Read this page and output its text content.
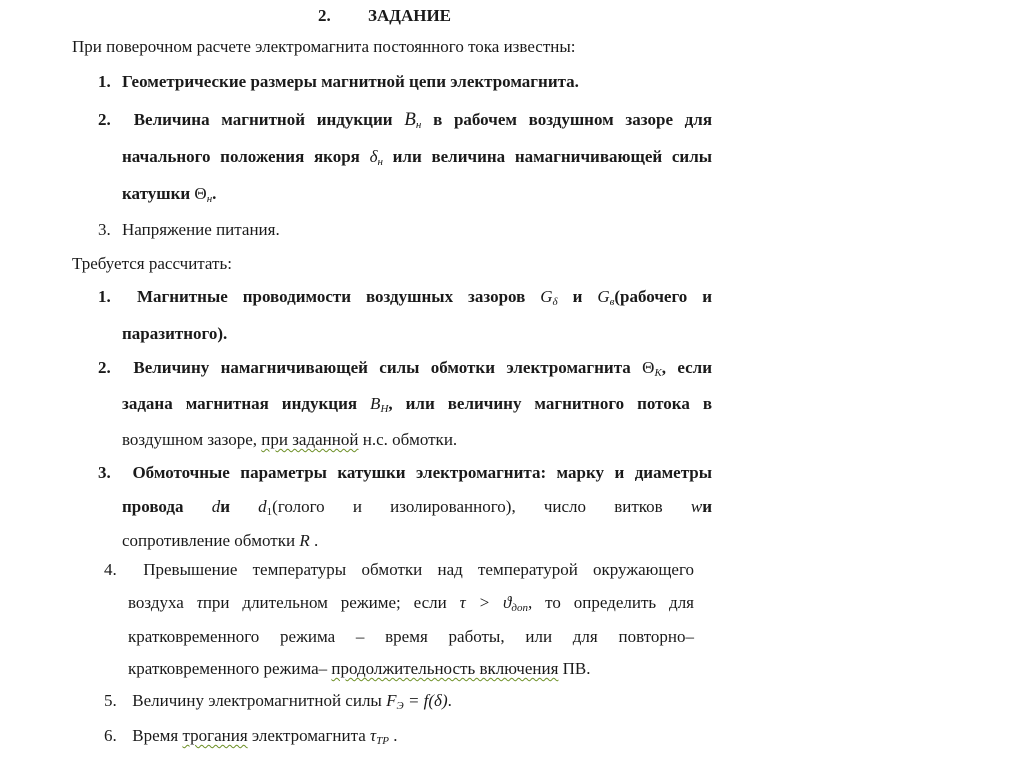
2. ЗАДАНИЕ
При поверочном расчете электромагнита постоянного тока известны:
1. Геометрические размеры магнитной цепи электромагнита.
2. Величина магнитной индукции $B_н$ в рабочем воздушном зазоре для
начального положения якоря $\delta_н$ или величина намагничивающей силы
катушки $\Theta_н$.
3. Напряжение питания.
Требуется рассчитать:
1. Магнитные проводимости воздушных зазоров $G_\delta$ и $G_в(рабочего$ и
паразитного).
2. Величину намагничивающей силы обмотки электромагнита $\Theta_K$, если
задана магнитная индукция $B_H$, или величину магнитного потока в
воздушном зазоре, при заданной н.с. обмотки.
3. Обмоточные параметры катушки электромагнита: марку и диаметры
провода dи d1(голого и изолированного), число витков wи
сопротивление обмотки R .
4. Превышение температуры обмотки над температурой окружающего
воздуха τпри длительном режиме; если $\tau > ϑ_{доп}$, то определить для
кратковременного режима – время работы, или для повторно–
кратковременного режима– продолжительность включения ПВ.
5. Величину электромагнитной силы $F_Э = f(\delta)$.
6. Время трогания электромагнита $\tau_{ТР}$ .
